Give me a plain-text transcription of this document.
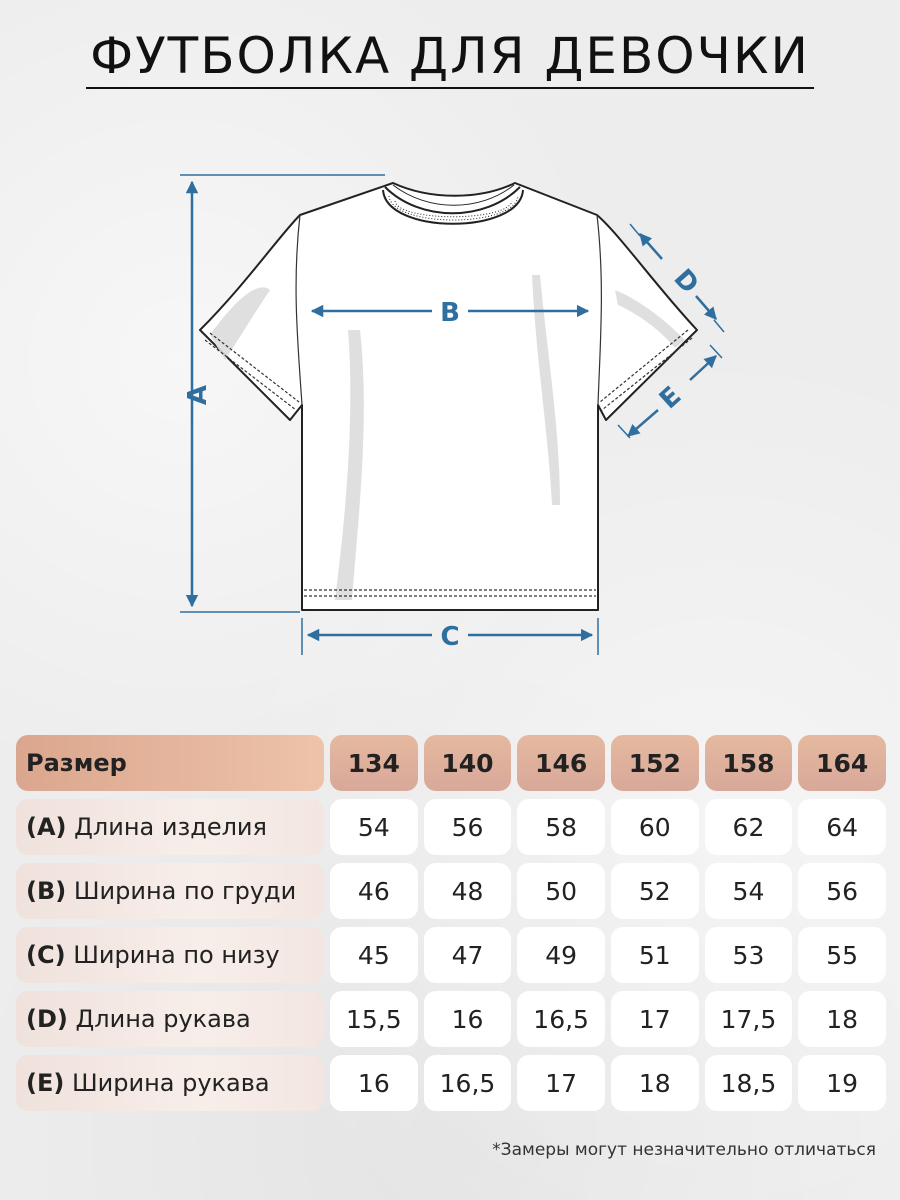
ФУТБОЛКА ДЛЯ ДЕВОЧКИ
A
B
C
D
E
Размер	134	140	146	152	158	164
(A) Длина изделия	54	56	58	60	62	64
(B) Ширина по груди	46	48	50	52	54	56
(C) Ширина по низу	45	47	49	51	53	55
(D) Длина рукава	15,5	16	16,5	17	17,5	18
(E) Ширина рукава	16	16,5	17	18	18,5	19
*Замеры могут незначительно отличаться
